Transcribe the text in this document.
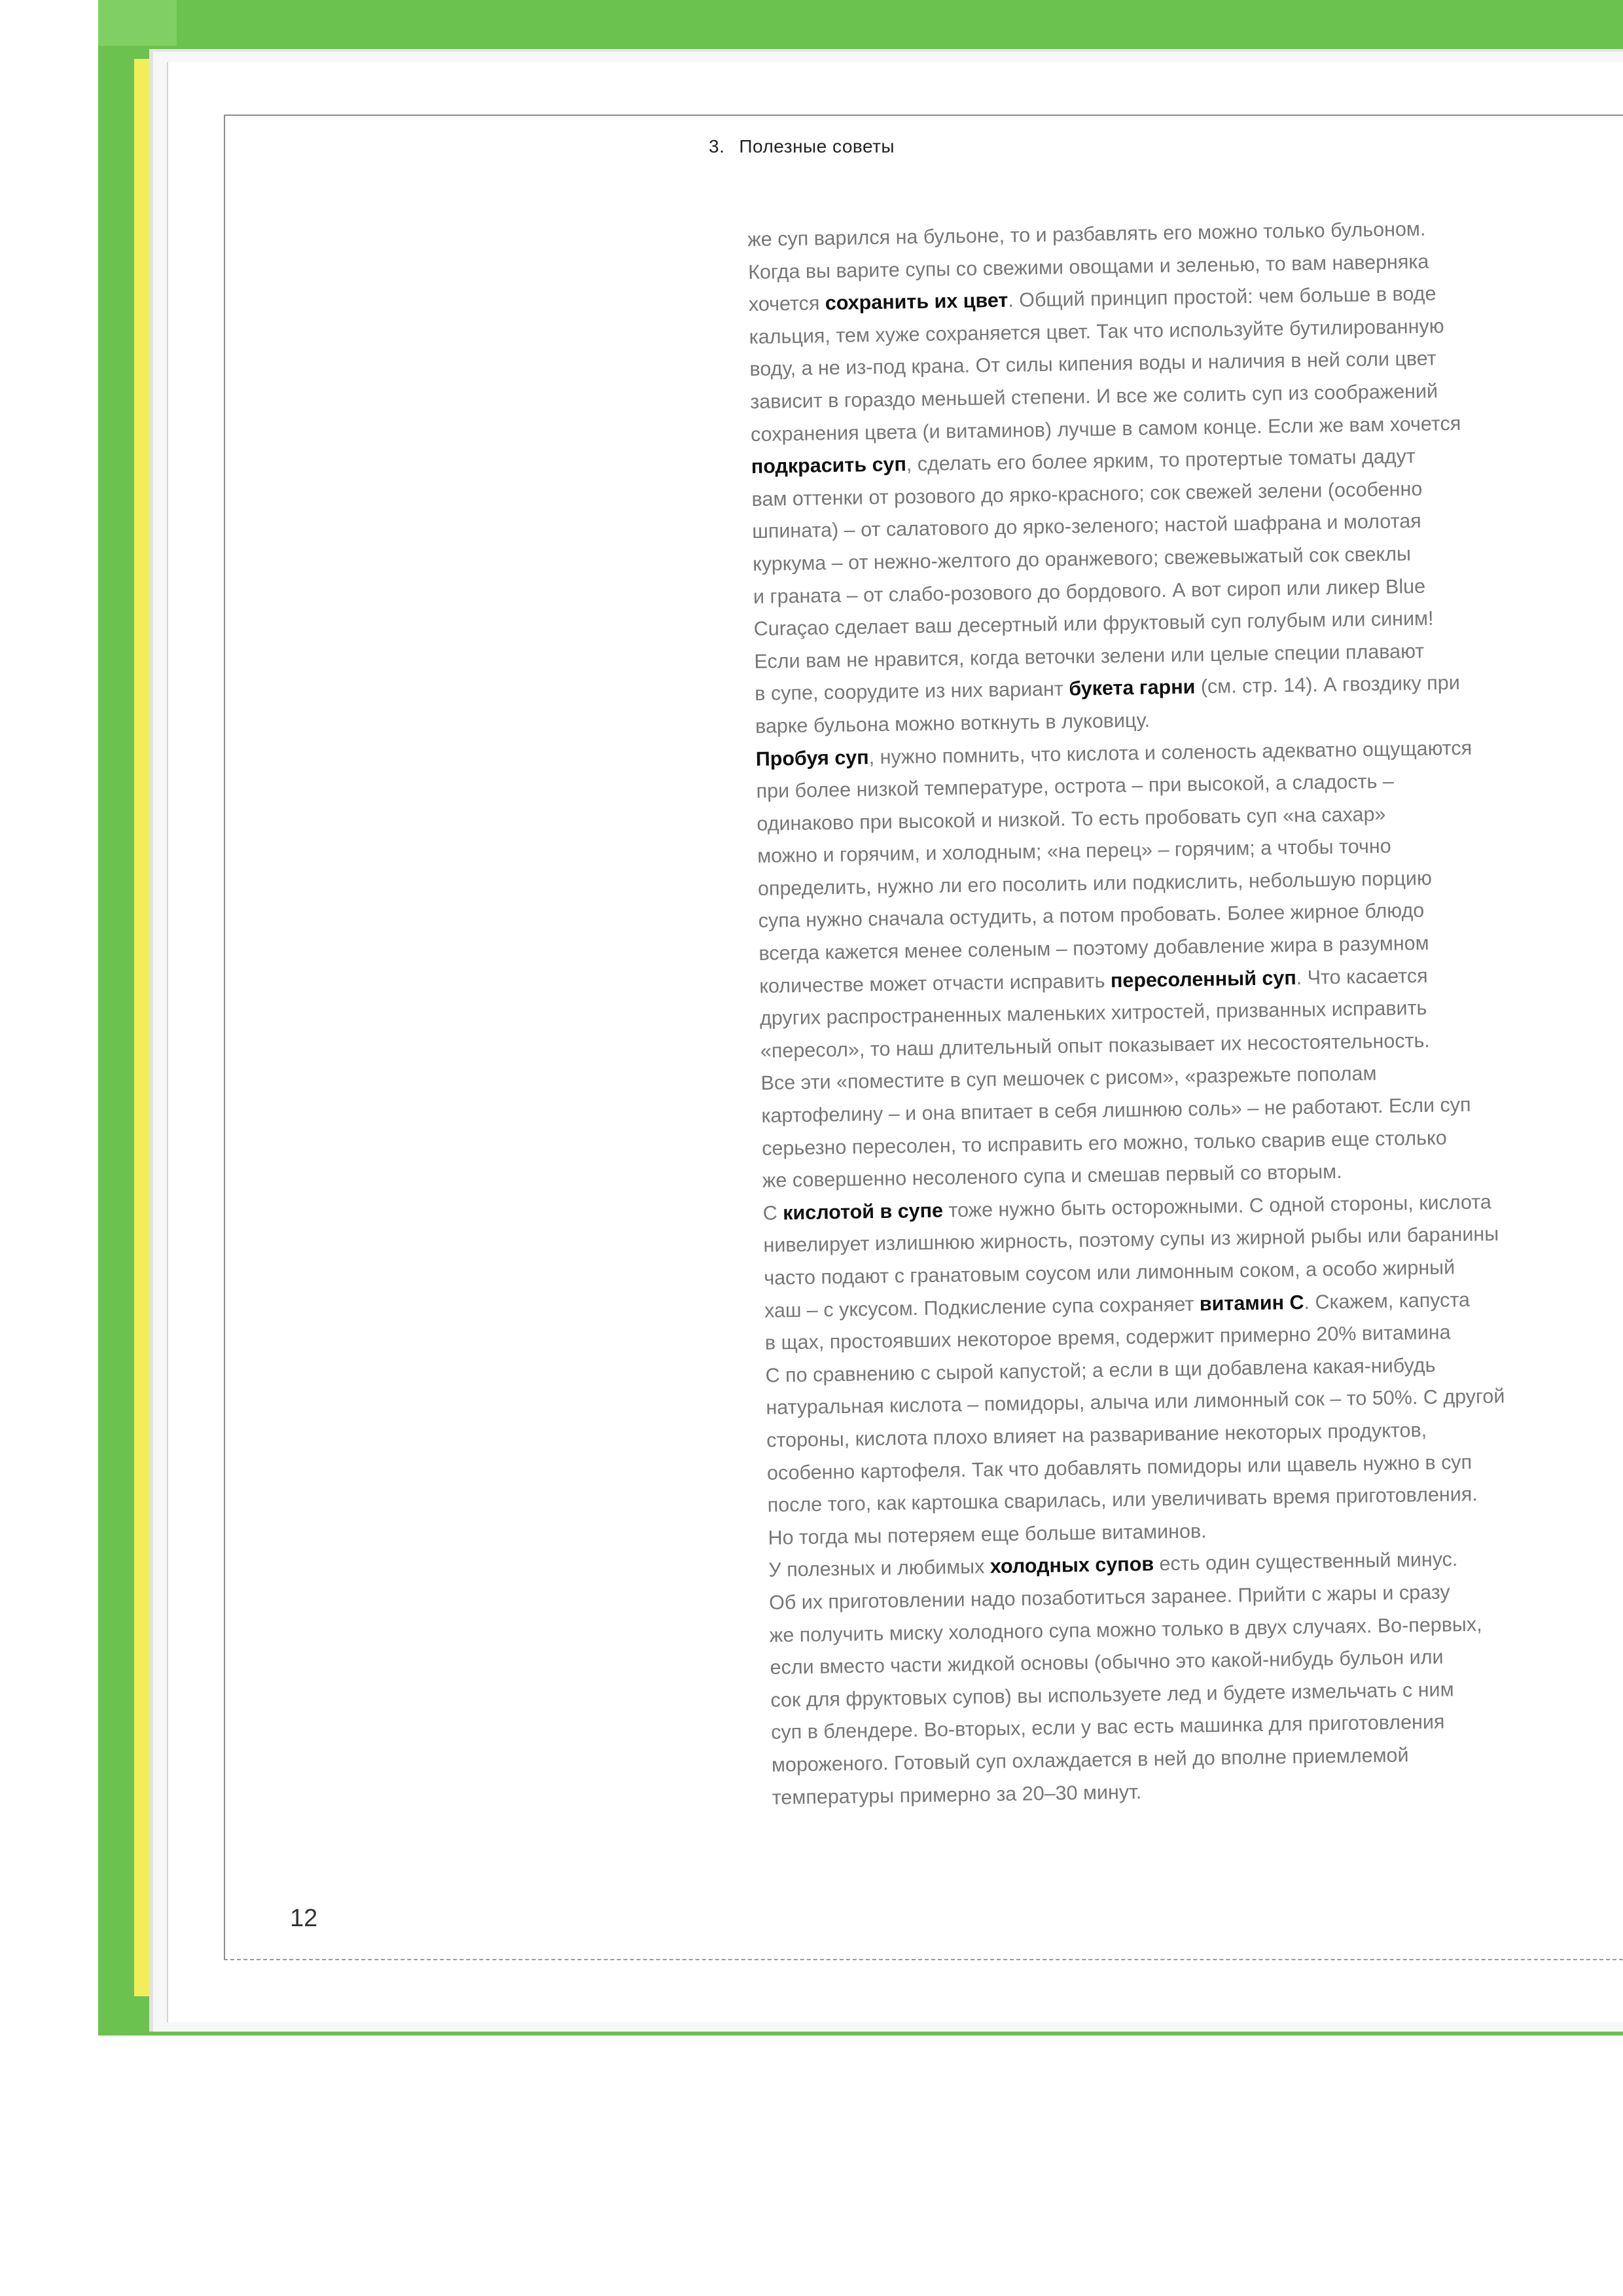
3. Полезные советы
же суп варился на бульоне, то и разбавлять его можно только бульоном.
Когда вы варите супы со свежими овощами и зеленью, то вам наверняка
хочется сохранить их цвет. Общий принцип простой: чем больше в воде
кальция, тем хуже сохраняется цвет. Так что используйте бутилированную
воду, а не из-под крана. От силы кипения воды и наличия в ней соли цвет
зависит в гораздо меньшей степени. И все же солить суп из соображений
сохранения цвета (и витаминов) лучше в самом конце. Если же вам хочется
подкрасить суп, сделать его более ярким, то протертые томаты дадут
вам оттенки от розового до ярко-красного; сок свежей зелени (особенно
шпината) – от салатового до ярко-зеленого; настой шафрана и молотая
куркума – от нежно-желтого до оранжевого; свежевыжатый сок свеклы
и граната – от слабо-розового до бордового. А вот сироп или ликер Blue
Curaçao сделает ваш десертный или фруктовый суп голубым или синим!
Если вам не нравится, когда веточки зелени или целые специи плавают
в супе, соорудите из них вариант букета гарни (см. стр. 14). А гвоздику при
варке бульона можно воткнуть в луковицу.
Пробуя суп, нужно помнить, что кислота и соленость адекватно ощущаются
при более низкой температуре, острота – при высокой, а сладость –
одинаково при высокой и низкой. То есть пробовать суп «на сахар»
можно и горячим, и холодным; «на перец» – горячим; а чтобы точно
определить, нужно ли его посолить или подкислить, небольшую порцию
супа нужно сначала остудить, а потом пробовать. Более жирное блюдо
всегда кажется менее соленым – поэтому добавление жира в разумном
количестве может отчасти исправить пересоленный суп. Что касается
других распространенных маленьких хитростей, призванных исправить
«пересол», то наш длительный опыт показывает их несостоятельность.
Все эти «поместите в суп мешочек с рисом», «разрежьте пополам
картофелину – и она впитает в себя лишнюю соль» – не работают. Если суп
серьезно пересолен, то исправить его можно, только сварив еще столько
же совершенно несоленого супа и смешав первый со вторым.
С кислотой в супе тоже нужно быть осторожными. С одной стороны, кислота
нивелирует излишнюю жирность, поэтому супы из жирной рыбы или баранины
часто подают с гранатовым соусом или лимонным соком, а особо жирный
хаш – с уксусом. Подкисление супа сохраняет витамин С. Скажем, капуста
в щах, простоявших некоторое время, содержит примерно 20% витамина
С по сравнению с сырой капустой; а если в щи добавлена какая-нибудь
натуральная кислота – помидоры, алыча или лимонный сок – то 50%. С другой
стороны, кислота плохо влияет на разваривание некоторых продуктов,
особенно картофеля. Так что добавлять помидоры или щавель нужно в суп
после того, как картошка сварилась, или увеличивать время приготовления.
Но тогда мы потеряем еще больше витаминов.
У полезных и любимых холодных супов есть один существенный минус.
Об их приготовлении надо позаботиться заранее. Прийти с жары и сразу
же получить миску холодного супа можно только в двух случаях. Во-первых,
если вместо части жидкой основы (обычно это какой-нибудь бульон или
сок для фруктовых супов) вы используете лед и будете измельчать с ним
суп в блендере. Во-вторых, если у вас есть машинка для приготовления
мороженого. Готовый суп охлаждается в ней до вполне приемлемой
температуры примерно за 20–30 минут.
12
